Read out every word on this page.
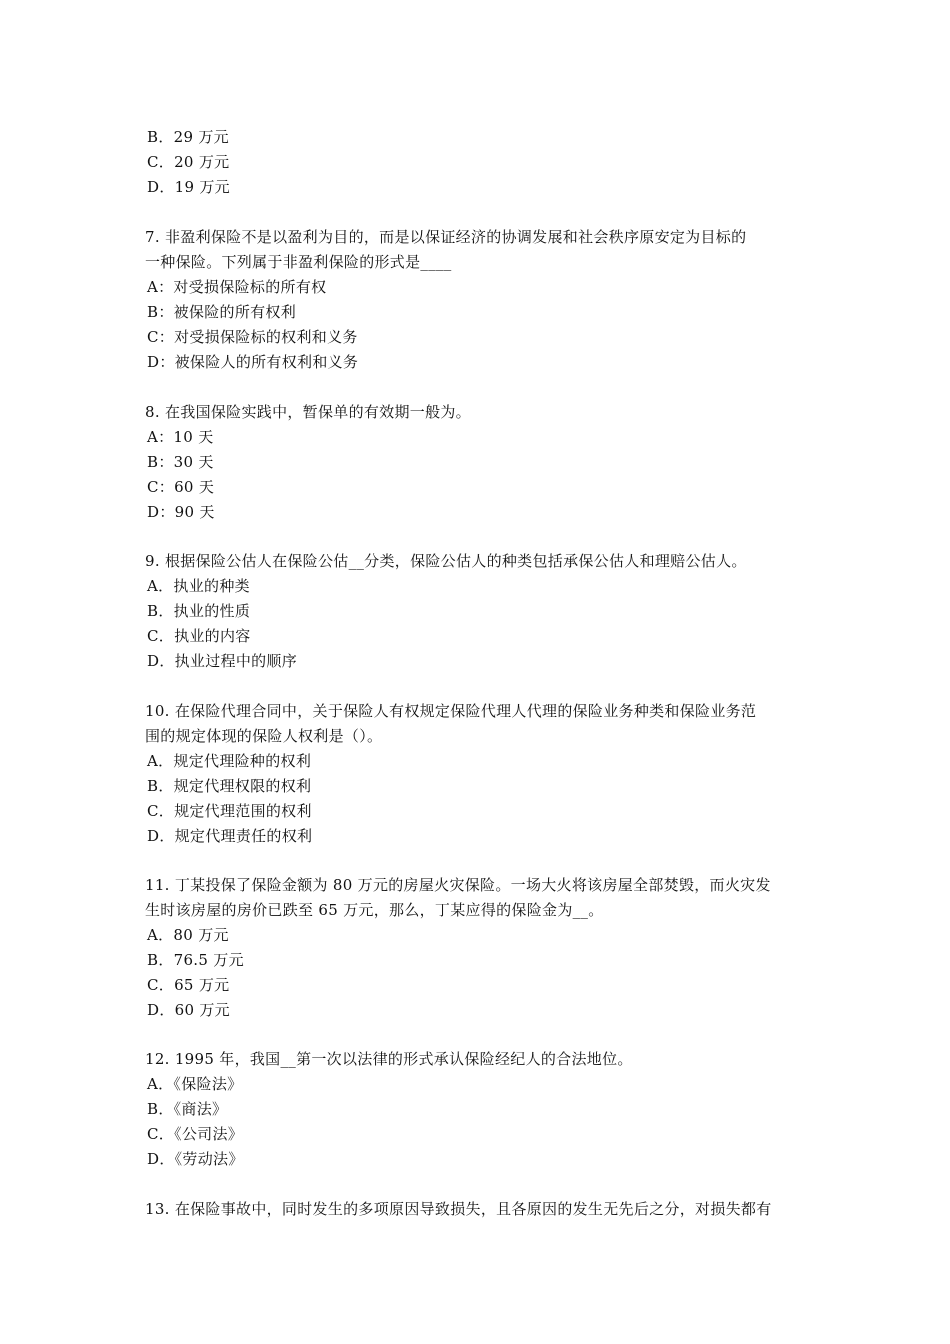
B．29 万元
C．20 万元
D．19 万元
7. 非盈利保险不是以盈利为目的，而是以保证经济的协调发展和社会秩序原安定为目标的
一种保险。下列属于非盈利保险的形式是____
A：对受损保险标的所有权
B：被保险的所有权利
C：对受损保险标的权利和义务
D：被保险人的所有权利和义务
8. 在我国保险实践中，暂保单的有效期一般为。
A：10 天
B：30 天
C：60 天
D：90 天
9. 根据保险公估人在保险公估__分类，保险公估人的种类包括承保公估人和理赔公估人。
A．执业的种类
B．执业的性质
C．执业的内容
D．执业过程中的顺序
10. 在保险代理合同中，关于保险人有权规定保险代理人代理的保险业务种类和保险业务范
围的规定体现的保险人权利是（）。
A．规定代理险种的权利
B．规定代理权限的权利
C．规定代理范围的权利
D．规定代理责任的权利
11. 丁某投保了保险金额为 80 万元的房屋火灾保险。一场大火将该房屋全部焚毁，而火灾发
生时该房屋的房价已跌至 65 万元，那么，丁某应得的保险金为__。
A．80 万元
B．76.5 万元
C．65 万元
D．60 万元
12. 1995 年，我国__第一次以法律的形式承认保险经纪人的合法地位。
A．《保险法》
B．《商法》
C．《公司法》
D．《劳动法》
13. 在保险事故中，同时发生的多项原因导致损失，且各原因的发生无先后之分，对损失都有
